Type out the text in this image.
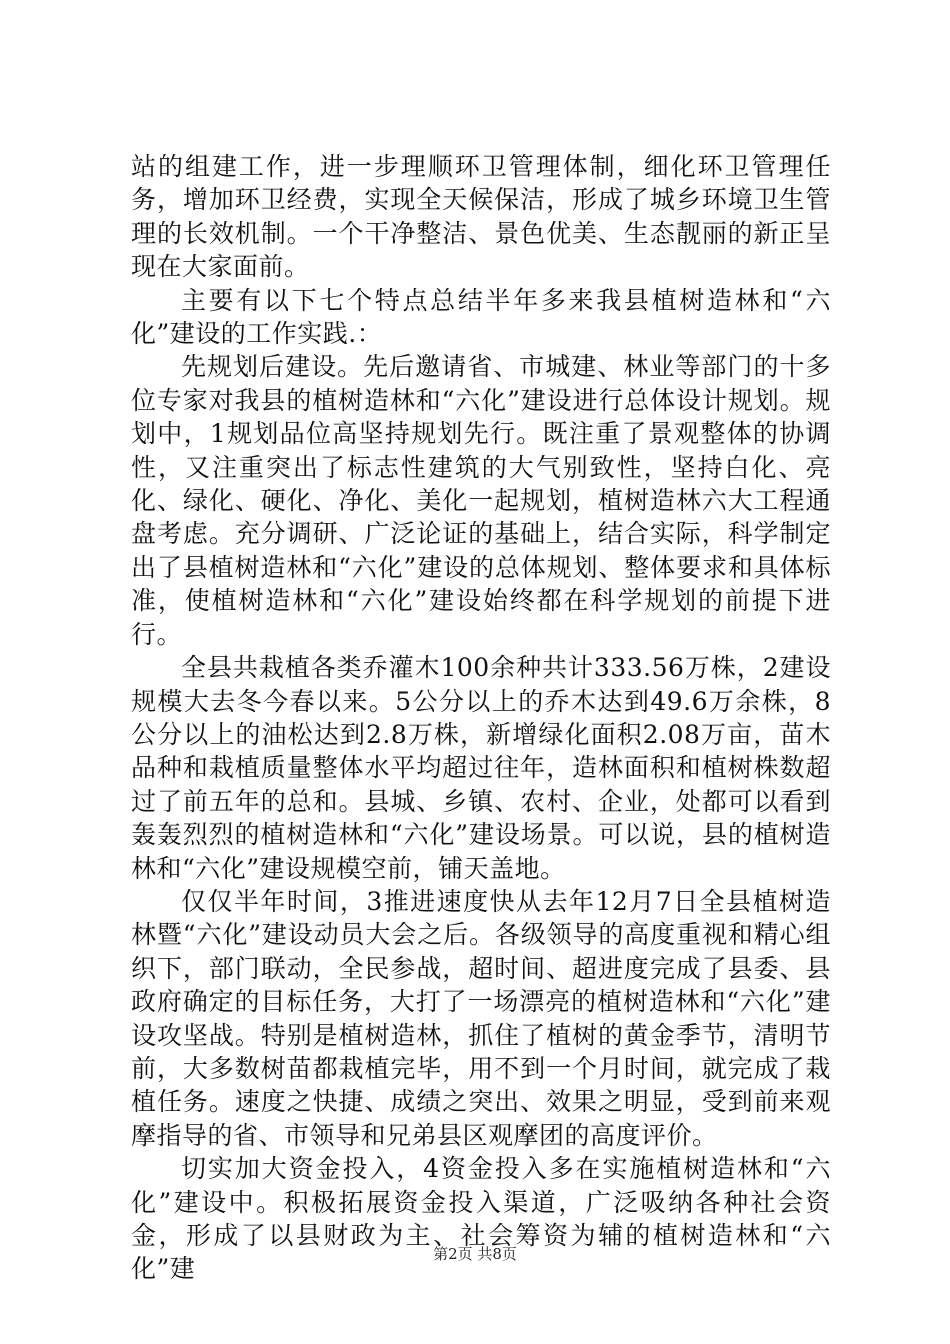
站的组建工作，进一步理顺环卫管理体制，细化环卫管理任务，增加环卫经费，实现全天候保洁，形成了城乡环境卫生管理的长效机制。一个干净整洁、景色优美、生态靓丽的新正呈现在大家面前。

主要有以下七个特点总结半年多来我县植树造林和“六化”建设的工作实践.：

先规划后建设。先后邀请省、市城建、林业等部门的十多位专家对我县的植树造林和“六化”建设进行总体设计规划。规划中，1规划品位高坚持规划先行。既注重了景观整体的协调性，又注重突出了标志性建筑的大气别致性，坚持白化、亮化、绿化、硬化、净化、美化一起规划，植树造林六大工程通盘考虑。充分调研、广泛论证的基础上，结合实际，科学制定出了县植树造林和“六化”建设的总体规划、整体要求和具体标准，使植树造林和“六化”建设始终都在科学规划的前提下进行。

全县共栽植各类乔灌木100余种共计333.56万株，2建设规模大去冬今春以来。5公分以上的乔木达到49.6万余株，8公分以上的油松达到2.8万株，新增绿化面积2.08万亩，苗木品种和栽植质量整体水平均超过往年，造林面积和植树株数超过了前五年的总和。县城、乡镇、农村、企业，处都可以看到轰轰烈烈的植树造林和“六化”建设场景。可以说，县的植树造林和“六化”建设规模空前，铺天盖地。

仅仅半年时间，3推进速度快从去年12月7日全县植树造林暨“六化”建设动员大会之后。各级领导的高度重视和精心组织下，部门联动，全民参战，超时间、超进度完成了县委、县政府确定的目标任务，大打了一场漂亮的植树造林和“六化”建设攻坚战。特别是植树造林，抓住了植树的黄金季节，清明节前，大多数树苗都栽植完毕，用不到一个月时间，就完成了栽植任务。速度之快捷、成绩之突出、效果之明显，受到前来观摩指导的省、市领导和兄弟县区观摩团的高度评价。

切实加大资金投入，4资金投入多在实施植树造林和“六化”建设中。积极拓展资金投入渠道，广泛吸纳各种社会资金，形成了以县财政为主、社会筹资为辅的植树造林和“六化”建

第2页 共8页
